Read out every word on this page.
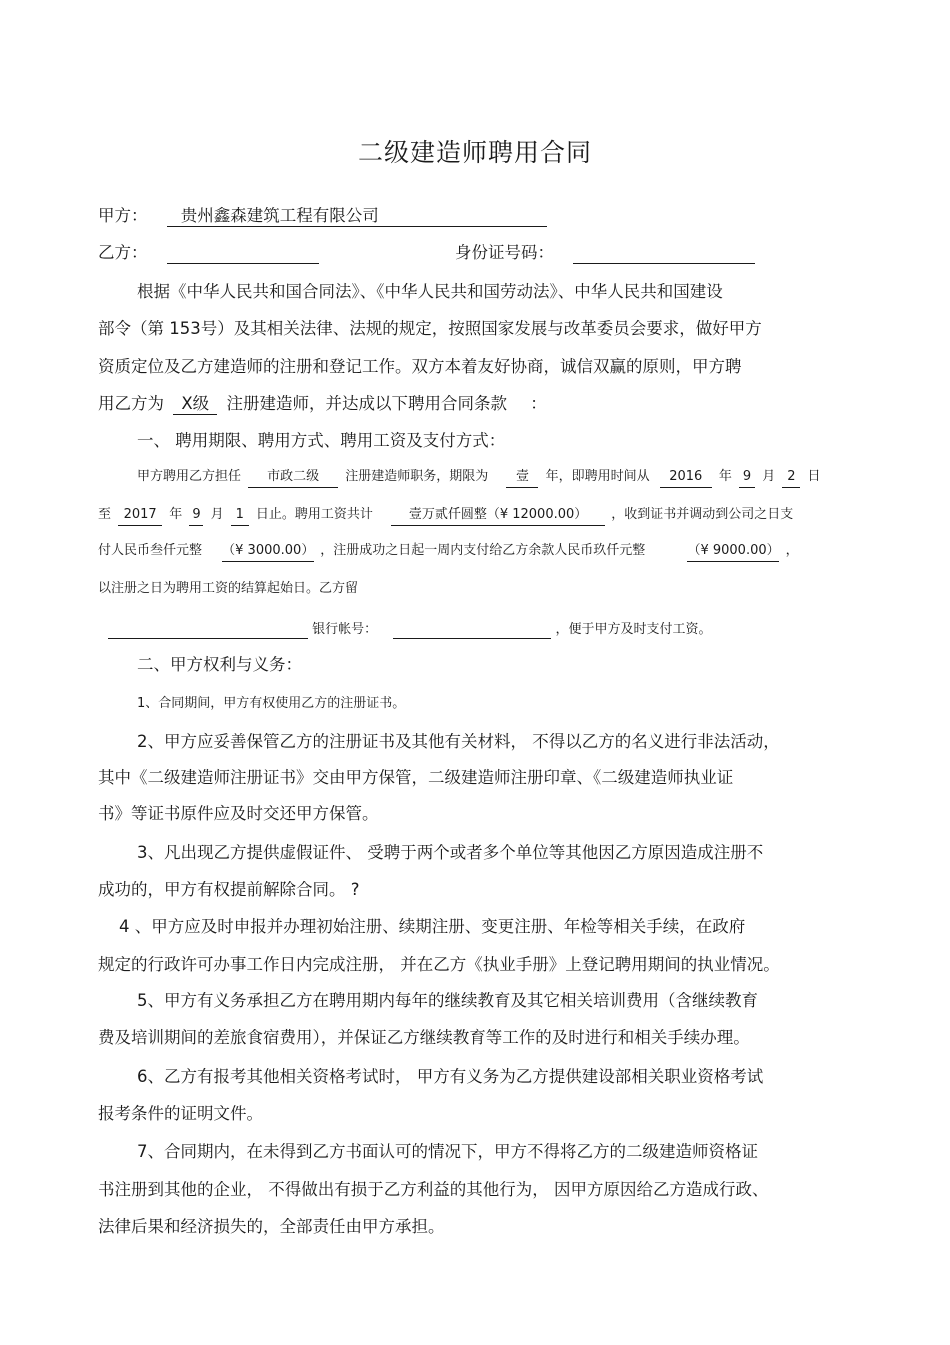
二级建造师聘用合同
甲方： 贵州鑫森建筑工程有限公司
乙方：	身份证号码：
根据《中华人民共和国合同法》、《中华人民共和国劳动法》、中华人民共和国建设
部令（第 153号）及其相关法律、法规的规定，按照国家发展与改革委员会要求，做好甲方
资质定位及乙方建造师的注册和登记工作。双方本着友好协商，诚信双赢的原则，甲方聘
用乙方为 X级 注册建造师，并达成以下聘用合同条款 ：
一、 聘用期限、聘用方式、聘用工资及支付方式：
甲方聘用乙方担任 市政二级 注册建造师职务，期限为 壹 年，即聘用时间从 2016 年 9 月 2 日
至 2017 年 9 月 1 日止。聘用工资共计	壹万贰仟圆整（¥ 12000.00） ，收到证书并调动到公司之日支
付人民币叁仟元整 （¥ 3000.00） ，注册成功之日起一周内支付给乙方余款人民币玖仟元整	（¥ 9000.00） ，
以注册之日为聘用工资的结算起始日。乙方留
银行帐号：	，便于甲方及时支付工资。
二、甲方权利与义务：
1、合同期间，甲方有权使用乙方的注册证书。
2、甲方应妥善保管乙方的注册证书及其他有关材料， 不得以乙方的名义进行非法活动，
其中《二级建造师注册证书》交由甲方保管，二级建造师注册印章、《二级建造师执业证
书》等证书原件应及时交还甲方保管。
3、凡出现乙方提供虚假证件、 受聘于两个或者多个单位等其他因乙方原因造成注册不
成功的，甲方有权提前解除合同。 ?
4 、甲方应及时申报并办理初始注册、续期注册、变更注册、年检等相关手续，在政府
规定的行政许可办事工作日内完成注册， 并在乙方《执业手册》上登记聘用期间的执业情况。
5、甲方有义务承担乙方在聘用期内每年的继续教育及其它相关培训费用（含继续教育
费及培训期间的差旅食宿费用），并保证乙方继续教育等工作的及时进行和相关手续办理。
6、乙方有报考其他相关资格考试时， 甲方有义务为乙方提供建设部相关职业资格考试
报考条件的证明文件。
7、合同期内，在未得到乙方书面认可的情况下，甲方不得将乙方的二级建造师资格证
书注册到其他的企业， 不得做出有损于乙方利益的其他行为， 因甲方原因给乙方造成行政、
法律后果和经济损失的，全部责任由甲方承担。
